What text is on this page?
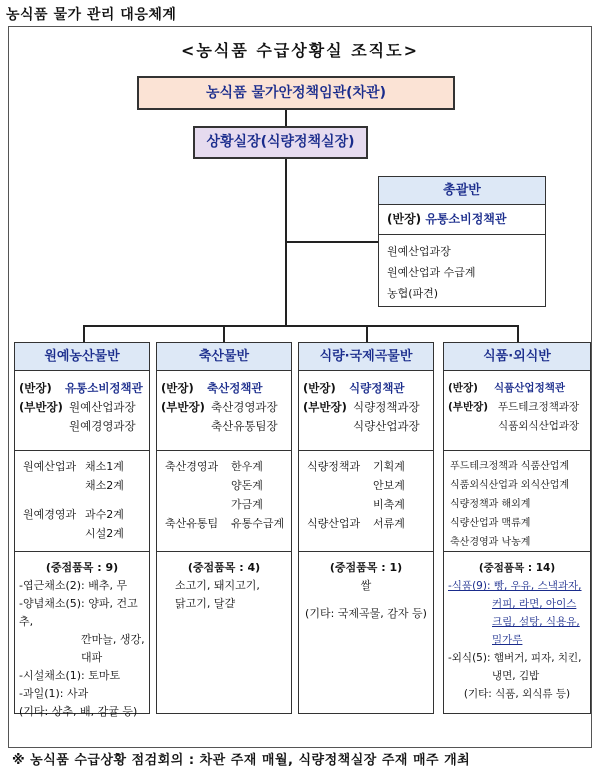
농식품 물가 관리 대응체계
<농식품 수급상황실 조직도>
농식품 물가안정책임관(차관)
상황실장(식량정책실장)
총괄반
(반장) 유통소비정책관
원예산업과장
원예산업과 수급계
농협(파견)
원예농산물반
(반장)	유통소비정책관
(부반장) 원예산업과장
원예경영과장
원예산업과 채소1계
채소2계
원예경영과 과수2계
시설2계
(중점품목 : 9)
-엽근채소(2): 배추, 무
-양념채소(5): 양파, 건고추,
깐마늘, 생강,
대파
-시설채소(1): 토마토
-과일(1): 사과
(기타: 상추, 배, 감귤 등)
축산물반
(반장)	축산정책관
(부반장) 축산경영과장
축산유통팀장
축산경영과	한우계
양돈계
가금계
축산유통팀	유통수급계
(중점품목 : 4)
소고기, 돼지고기,
닭고기, 달걀
식량·국제곡물반
(반장)	식량정책관
(부반장) 식량정책과장
식량산업과장
식량정책과	기획계
안보계
비축계
식량산업과	서류계
(중점품목 : 1)
쌀
(기타: 국제곡물, 감자 등)
식품·외식반
(반장)	식품산업정책관
(부반장) 푸드테크정책과장
식품외식산업과장
푸드테크정책과 식품산업계
식품외식산업과 외식산업계
식량정책과 해외계
식량산업과 맥류계
축산경영과 낙농계
(중점품목 : 14)
-식품(9): 빵, 우유, 스낵과자,
커피, 라면, 아이스
크림, 설탕, 식용유,
밀가루
-외식(5): 햄버거, 피자, 치킨,
냉면, 김밥
(기타: 식품, 외식류 등)
※ 농식품 수급상황 점검회의 : 차관 주재 매월, 식량정책실장 주재 매주 개최
